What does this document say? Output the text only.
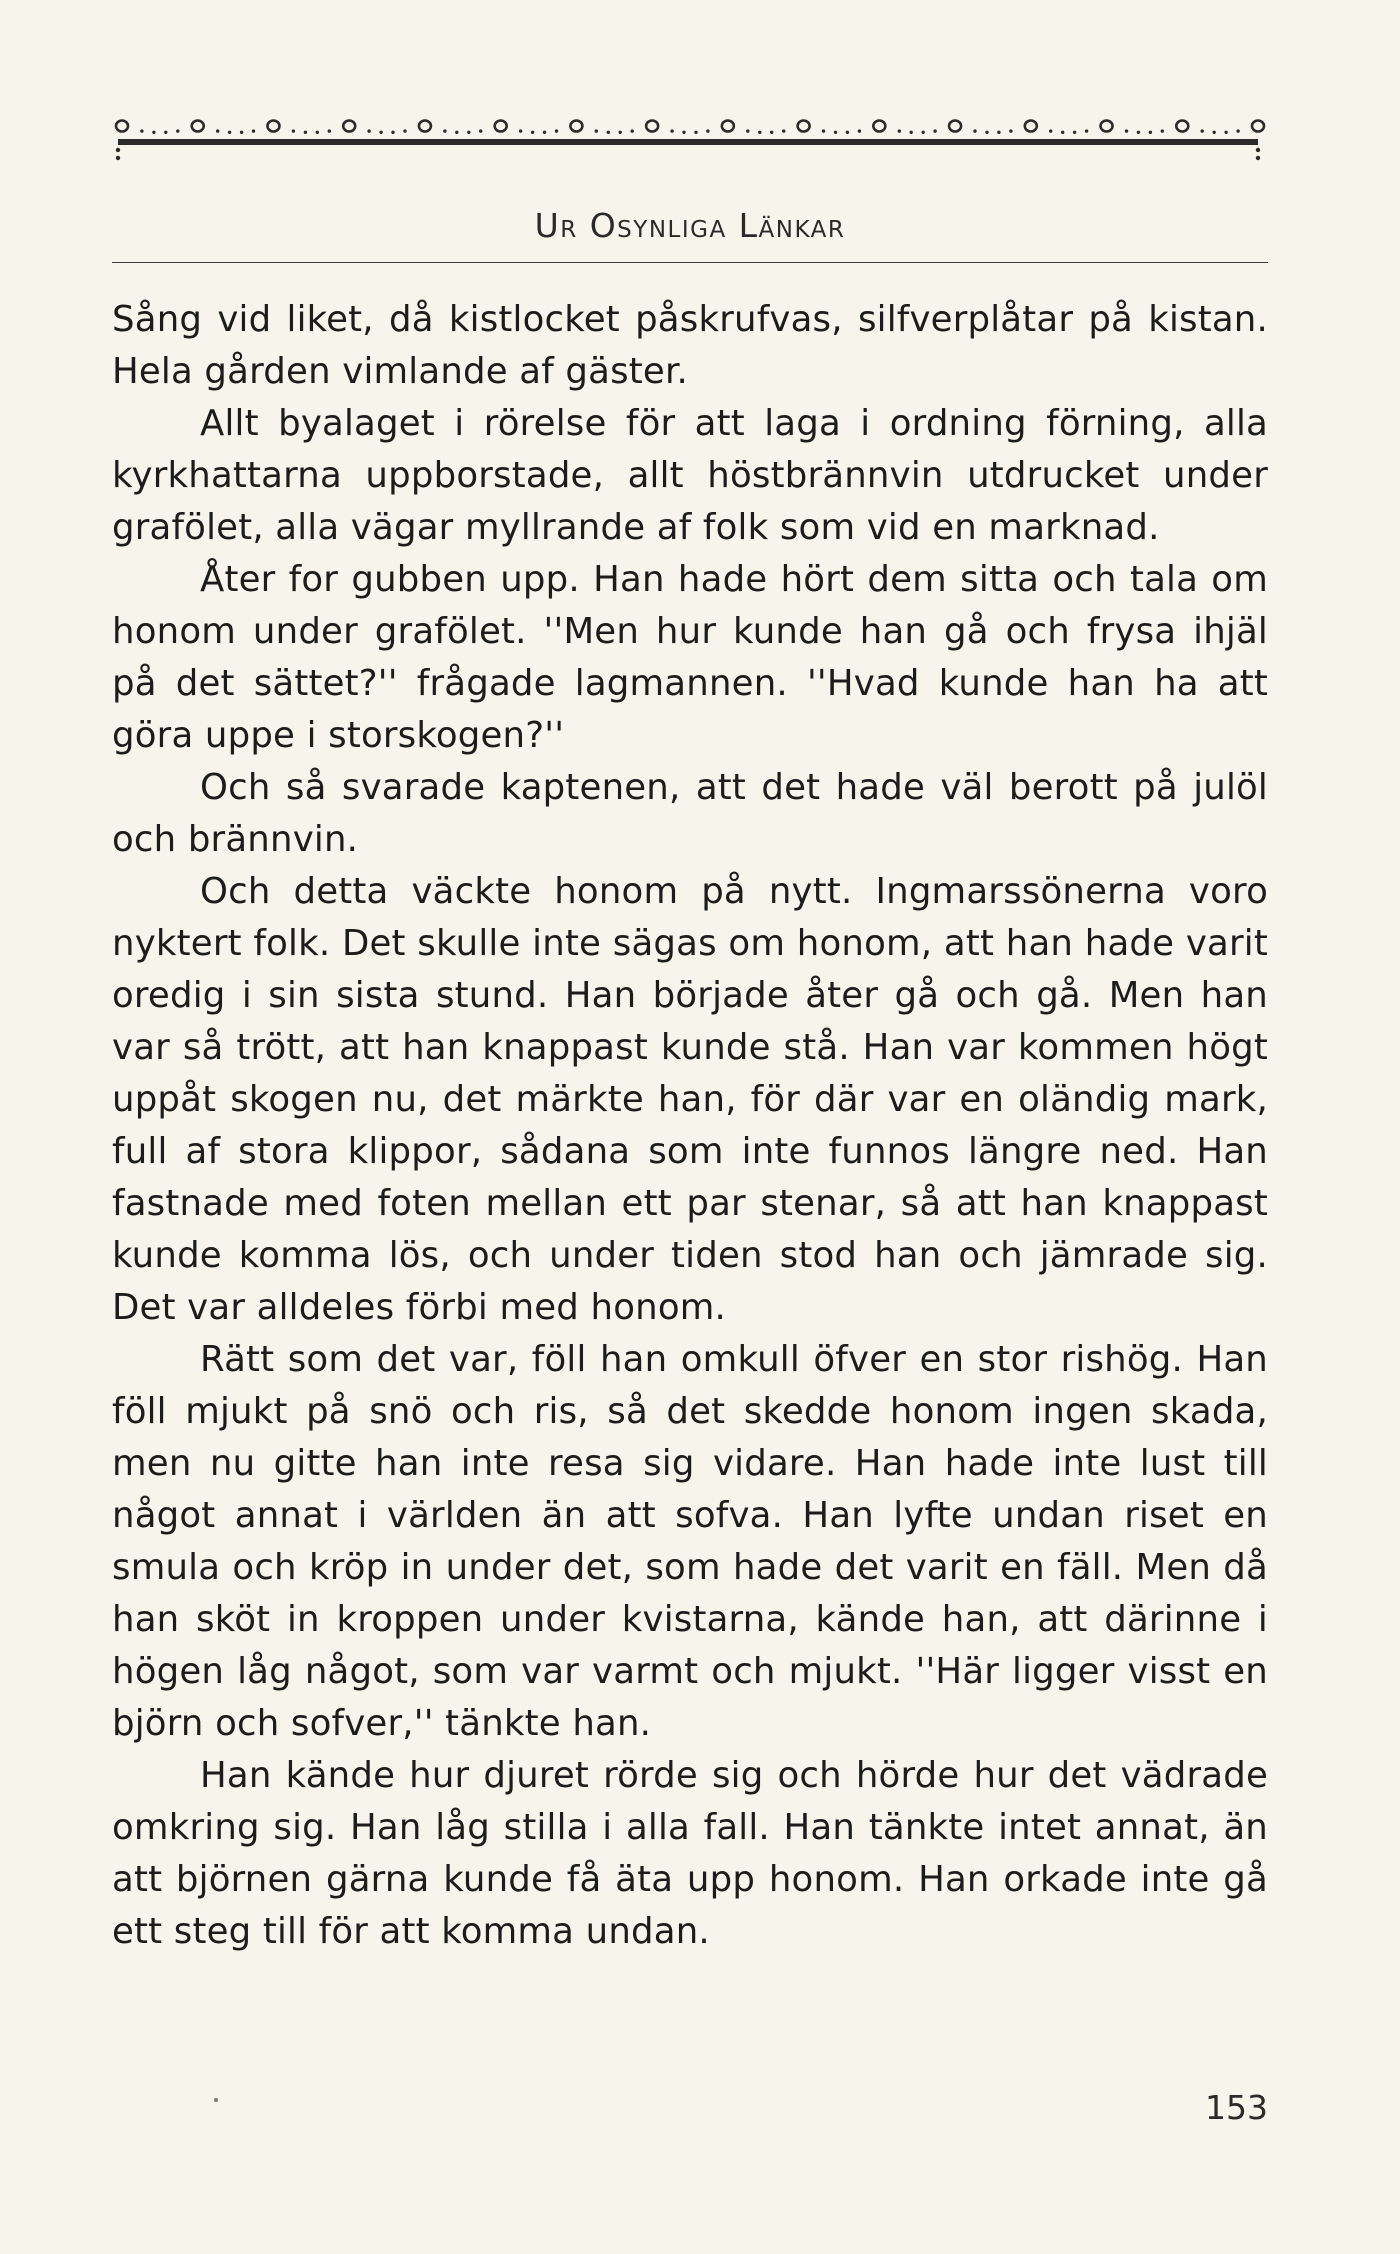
Ur Osynliga Länkar

Sång vid liket, då kistlocket påskrufvas, silfverplåtar på kistan. Hela gården vimlande af gäster.

Allt byalaget i rörelse för att laga i ordning förning, alla kyrkhattarna uppborstade, allt höstbrännvin utdrucket under grafölet, alla vägar myllrande af folk som vid en marknad.

Åter for gubben upp. Han hade hört dem sitta och tala om honom under grafölet. ''Men hur kunde han gå och frysa ihjäl på det sättet?'' frågade lagmannen. ''Hvad kunde han ha att göra uppe i storskogen?''

Och så svarade kaptenen, att det hade väl berott på julöl och brännvin.

Och detta väckte honom på nytt. Ingmarssönerna voro nyktert folk. Det skulle inte sägas om honom, att han hade varit oredig i sin sista stund. Han började åter gå och gå. Men han var så trött, att han knappast kunde stå. Han var kommen högt uppåt skogen nu, det märkte han, för där var en oländig mark, full af stora klippor, sådana som inte funnos längre ned. Han fastnade med foten mellan ett par stenar, så att han knappast kunde komma lös, och under tiden stod han och jämrade sig. Det var alldeles förbi med honom.

Rätt som det var, föll han omkull öfver en stor rishög. Han föll mjukt på snö och ris, så det skedde honom ingen skada, men nu gitte han inte resa sig vidare. Han hade inte lust till något annat i världen än att sofva. Han lyfte undan riset en smula och kröp in under det, som hade det varit en fäll. Men då han sköt in kroppen under kvistarna, kände han, att därinne i högen låg något, som var varmt och mjukt. ''Här ligger visst en björn och sofver,'' tänkte han.

Han kände hur djuret rörde sig och hörde hur det vädrade omkring sig. Han låg stilla i alla fall. Han tänkte intet annat, än att björnen gärna kunde få äta upp honom. Han orkade inte gå ett steg till för att komma undan.

153
